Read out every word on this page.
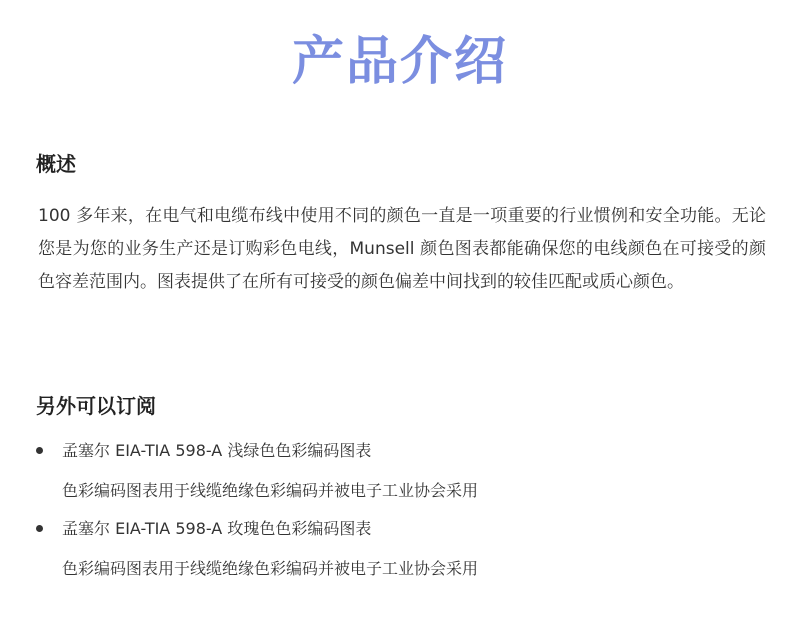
产品介绍
概述
100 多年来，在电气和电缆布线中使用不同的颜色一直是一项重要的行业惯例和安全功能。无论您是为您的业务生产还是订购彩色电线，Munsell 颜色图表都能确保您的电线颜色在可接受的颜色容差范围内。图表提供了在所有可接受的颜色偏差中间找到的较佳匹配或质心颜色。
另外可以订阅
孟塞尔 EIA-TIA 598-A 浅绿色色彩编码图表
色彩编码图表用于线缆绝缘色彩编码并被电子工业协会采用
孟塞尔 EIA-TIA 598-A 玫瑰色色彩编码图表
色彩编码图表用于线缆绝缘色彩编码并被电子工业协会采用
